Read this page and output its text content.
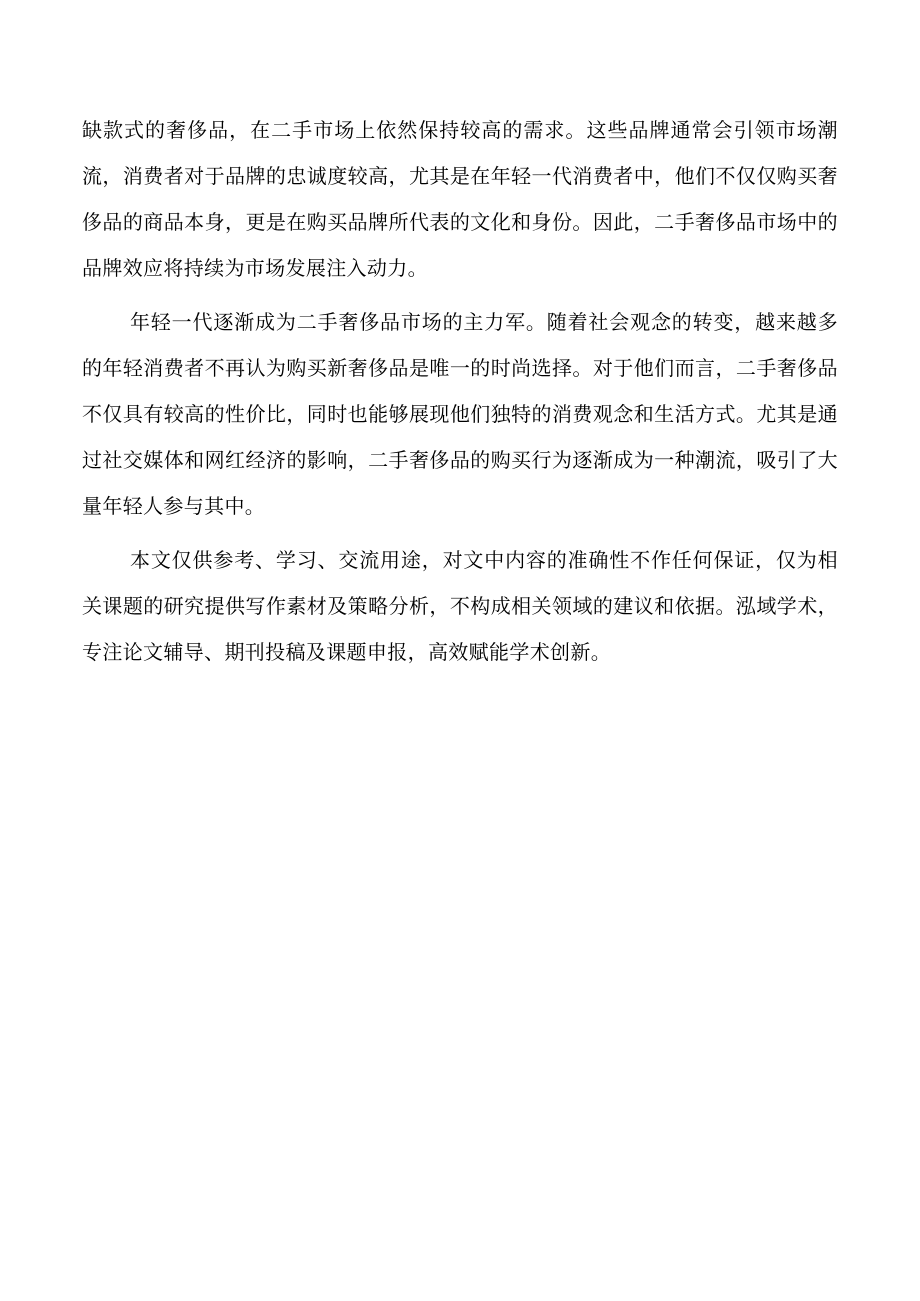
缺款式的奢侈品，在二手市场上依然保持较高的需求。这些品牌通常会引领市场潮流，消费者对于品牌的忠诚度较高，尤其是在年轻一代消费者中，他们不仅仅购买奢侈品的商品本身，更是在购买品牌所代表的文化和身份。因此，二手奢侈品市场中的品牌效应将持续为市场发展注入动力。

年轻一代逐渐成为二手奢侈品市场的主力军。随着社会观念的转变，越来越多的年轻消费者不再认为购买新奢侈品是唯一的时尚选择。对于他们而言，二手奢侈品不仅具有较高的性价比，同时也能够展现他们独特的消费观念和生活方式。尤其是通过社交媒体和网红经济的影响，二手奢侈品的购买行为逐渐成为一种潮流，吸引了大量年轻人参与其中。

本文仅供参考、学习、交流用途，对文中内容的准确性不作任何保证，仅为相关课题的研究提供写作素材及策略分析，不构成相关领域的建议和依据。泓域学术，专注论文辅导、期刊投稿及课题申报，高效赋能学术创新。
